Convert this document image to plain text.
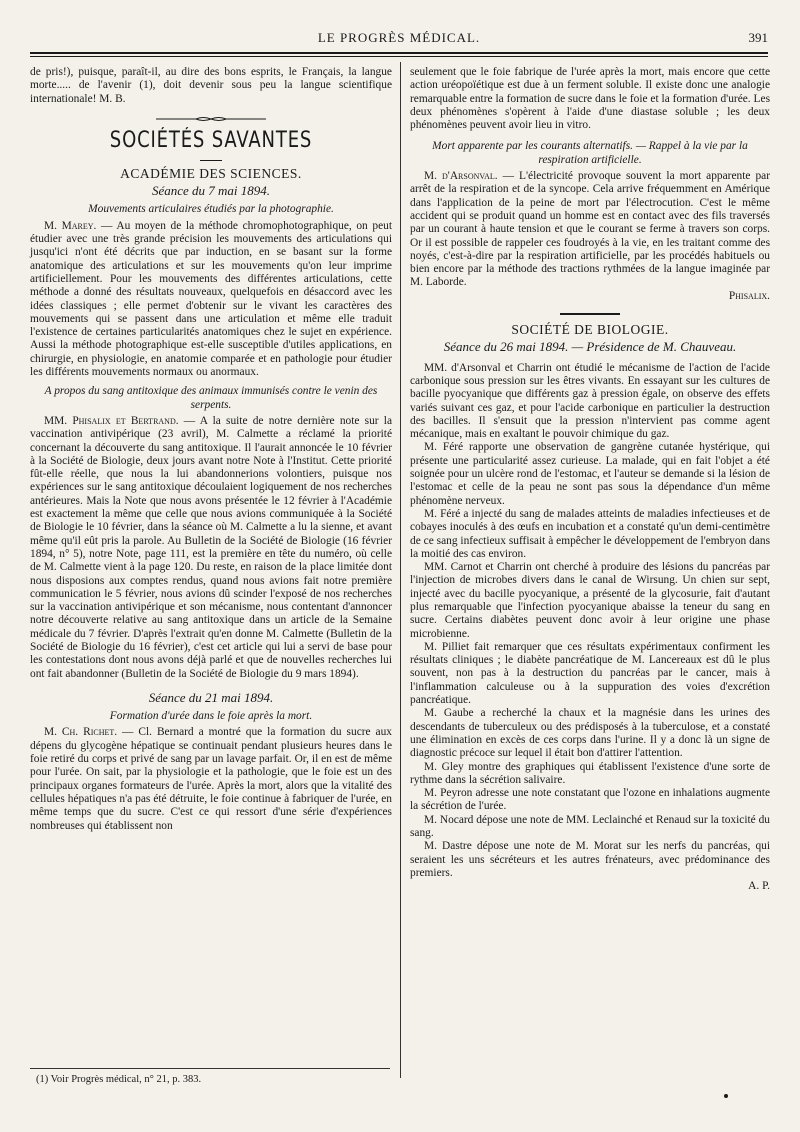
LE PROGRÈS MÉDICAL.	391

de pris!), puisque, paraît-il, au dire des bons esprits, le Français, la langue morte..... de l'avenir (1), doit devenir sous peu la langue scientifique internationale! M. B.

SOCIÉTÉS SAVANTES
ACADÉMIE DES SCIENCES.
Séance du 7 mai 1894.
Mouvements articulaires étudiés par la photographie.

M. Marey. — Au moyen de la méthode chromophotographique, on peut étudier avec une très grande précision les mouvements des articulations qui jusqu'ici n'ont été décrits que par induction, en se basant sur la forme anatomique des articulations et sur les mouvements qu'on leur imprime artificiellement. Pour les mouvements des différentes articulations, cette méthode a donné des résultats nouveaux, quelquefois en désaccord avec les idées classiques ; elle permet d'obtenir sur le vivant les caractères des mouvements qui se passent dans une articulation et même elle traduit l'existence de certaines particularités anatomiques chez le sujet en expérience. Aussi la méthode photographique est-elle susceptible d'utiles applications, en chirurgie, en physiologie, en anatomie comparée et en pathologie pour étudier les différents mouvements normaux ou anormaux.

A propos du sang antitoxique des animaux immunisés contre le venin des serpents.

MM. Phisalix et Bertrand. — A la suite de notre dernière note sur la vaccination antivipérique (23 avril), M. Calmette a réclamé la priorité concernant la découverte du sang antitoxique. Il l'aurait annoncée le 10 février à la Société de Biologie, deux jours avant notre Note à l'Institut. Cette priorité fût-elle réelle, que nous la lui abandonnerions volontiers, puisque nos expériences sur le sang antitoxique découlaient logiquement de nos recherches antérieures. Mais la Note que nous avons présentée le 12 février à l'Académie est exactement la même que celle que nous avions communiquée à la Société de Biologie le 10 février, dans la séance où M. Calmette a lu la sienne, et avant même qu'il eût pris la parole. Au Bulletin de la Société de Biologie (16 février 1894, n° 5), notre Note, page 111, est la première en tête du numéro, où celle de M. Calmette vient à la page 120. Du reste, en raison de la place limitée dont nous disposions aux comptes rendus, quand nous avions fait notre première communication le 5 février, nous avions dû scinder l'exposé de nos recherches sur la vaccination antivipérique et son mécanisme, nous contentant d'annoncer notre découverte relative au sang antitoxique dans un article de la Semaine médicale du 7 février. D'après l'extrait qu'en donne M. Calmette (Bulletin de la Société de Biologie du 16 février), c'est cet article qui lui a servi de base pour les contestations dont nous avons déjà parlé et que de nouvelles recherches lui ont fait abandonner (Bulletin de la Société de Biologie du 9 mars 1894).

Séance du 21 mai 1894.
Formation d'urée dans le foie après la mort.

M. Ch. Richet. — Cl. Bernard a montré que la formation du sucre aux dépens du glycogène hépatique se continuait pendant plusieurs heures dans le foie retiré du corps et privé de sang par un lavage parfait. Or, il en est de même pour l'urée. On sait, par la physiologie et la pathologie, que le foie est un des principaux organes formateurs de l'urée. Après la mort, alors que la vitalité des cellules hépatiques n'a pas été détruite, le foie continue à fabriquer de l'urée, en même temps que du sucre. C'est ce qui ressort d'une série d'expériences nombreuses qui établissent non

(1) Voir Progrès médical, n° 21, p. 383.

seulement que le foie fabrique de l'urée après la mort, mais encore que cette action uréopoïétique est due à un ferment soluble. Il existe donc une analogie remarquable entre la formation de sucre dans le foie et la formation d'urée. Les deux phénomènes s'opèrent à l'aide d'une diastase soluble ; les deux phénomènes peuvent avoir lieu in vitro.

Mort apparente par les courants alternatifs. — Rappel à la vie par la respiration artificielle.

M. d'Arsonval. — L'électricité provoque souvent la mort apparente par arrêt de la respiration et de la syncope. Cela arrive fréquemment en Amérique dans l'application de la peine de mort par l'électrocution. C'est le même accident qui se produit quand un homme est en contact avec des fils traversés par un courant à haute tension et que le courant se ferme à travers son corps. Or il est possible de rappeler ces foudroyés à la vie, en les traitant comme des noyés, c'est-à-dire par la respiration artificielle, par les procédés habituels ou bien encore par la méthode des tractions rythmées de la langue imaginée par M. Laborde.

Phisalix.
SOCIÉTÉ DE BIOLOGIE.
Séance du 26 mai 1894. — Présidence de M. Chauveau.

MM. d'Arsonval et Charrin ont étudié le mécanisme de l'action de l'acide carbonique sous pression sur les êtres vivants. En essayant sur les cultures de bacille pyocyanique que différents gaz à pression égale, on observe des effets variés suivant ces gaz, et pour l'acide carbonique en particulier la destruction des bacilles. Il s'ensuit que la pression n'intervient pas comme agent mécanique, mais en exaltant le pouvoir chimique du gaz.

M. Féré rapporte une observation de gangrène cutanée hystérique, qui présente une particularité assez curieuse. La malade, qui en fait l'objet a été soignée pour un ulcère rond de l'estomac, et l'auteur se demande si la lésion de l'estomac et celle de la peau ne sont pas sous la dépendance d'un même phénomène nerveux.

M. Féré a injecté du sang de malades atteints de maladies infectieuses et de cobayes inoculés à des œufs en incubation et a constaté qu'un demi-centimètre de ce sang infectieux suffisait à empêcher le développement de l'embryon dans la moitié des cas environ.

MM. Carnot et Charrin ont cherché à produire des lésions du pancréas par l'injection de microbes divers dans le canal de Wirsung. Un chien sur sept, injecté avec du bacille pyocyanique, a présenté de la glycosurie, fait d'autant plus remarquable que l'infection pyocyanique abaisse la teneur du sang en sucre. Certains diabètes peuvent donc avoir à leur origine une phase microbienne.

M. Pilliet fait remarquer que ces résultats expérimentaux confirment les résultats cliniques ; le diabète pancréatique de M. Lancereaux est dû le plus souvent, non pas à la destruction du pancréas par le cancer, mais à l'inflammation calculeuse ou à la suppuration des voies d'excrétion pancréatique.

M. Gaube a recherché la chaux et la magnésie dans les urines des descendants de tuberculeux ou des prédisposés à la tuberculose, et a constaté une élimination en excès de ces corps dans l'urine. Il y a donc là un signe de diagnostic précoce sur lequel il était bon d'attirer l'attention.

M. Gley montre des graphiques qui établissent l'existence d'une sorte de rythme dans la sécrétion salivaire.

M. Peyron adresse une note constatant que l'ozone en inhalations augmente la sécrétion de l'urée.

M. Nocard dépose une note de MM. Leclainché et Renaud sur la toxicité du sang.

M. Dastre dépose une note de M. Morat sur les nerfs du pancréas, qui seraient les uns sécréteurs et les autres frénateurs, avec prédominance des premiers.

A. P.
